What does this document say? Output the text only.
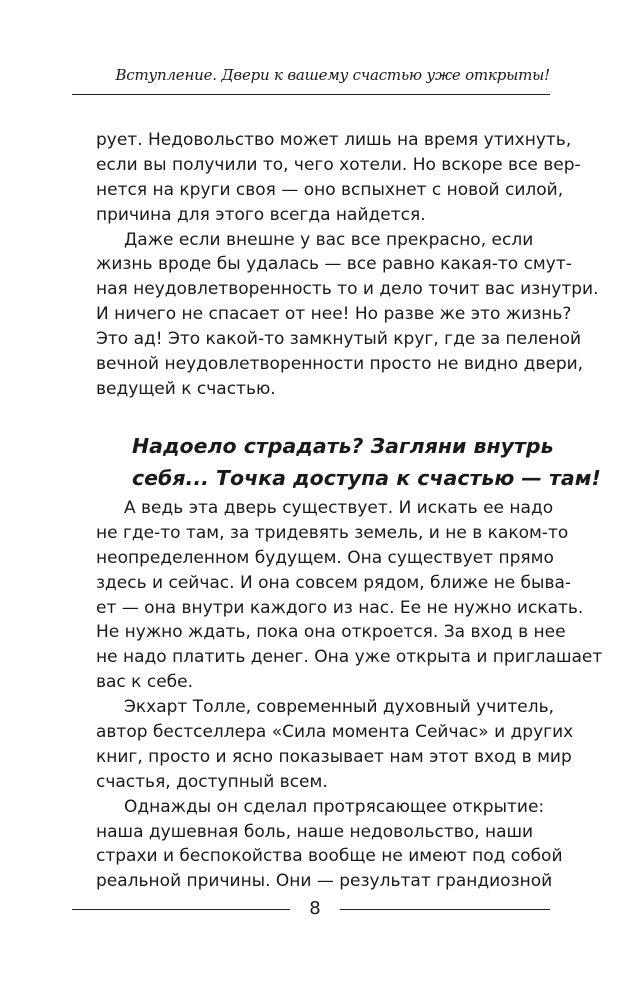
Вступление. Двери к вашему счастью уже открыты!
рует. Недовольство может лишь на время утихнуть,
если вы получили то, чего хотели. Но вскоре все вер-
нется на круги своя — оно вспыхнет с новой силой,
причина для этого всегда найдется.
Даже если внешне у вас все прекрасно, если
жизнь вроде бы удалась — все равно какая-то смут-
ная неудовлетворенность то и дело точит вас изнутри.
И ничего не спасает от нее! Но разве же это жизнь?
Это ад! Это какой-то замкнутый круг, где за пеленой
вечной неудовлетворенности просто не видно двери,
ведущей к счастью.
Надоело страдать? Загляни внутрь
себя... Точка доступа к счастью — там!
А ведь эта дверь существует. И искать ее надо
не где-то там, за тридевять земель, и не в каком-то
неопределенном будущем. Она существует прямо
здесь и сейчас. И она совсем рядом, ближе не быва-
ет — она внутри каждого из нас. Ее не нужно искать.
Не нужно ждать, пока она откроется. За вход в нее
не надо платить денег. Она уже открыта и приглашает
вас к себе.
Экхарт Толле, современный духовный учитель,
автор бестселлера «Сила момента Сейчас» и других
книг, просто и ясно показывает нам этот вход в мир
счастья, доступный всем.
Однажды он сделал протрясающее открытие:
наша душевная боль, наше недовольство, наши
страхи и беспокойства вообще не имеют под собой
реальной причины. Они — результат грандиозной
8
